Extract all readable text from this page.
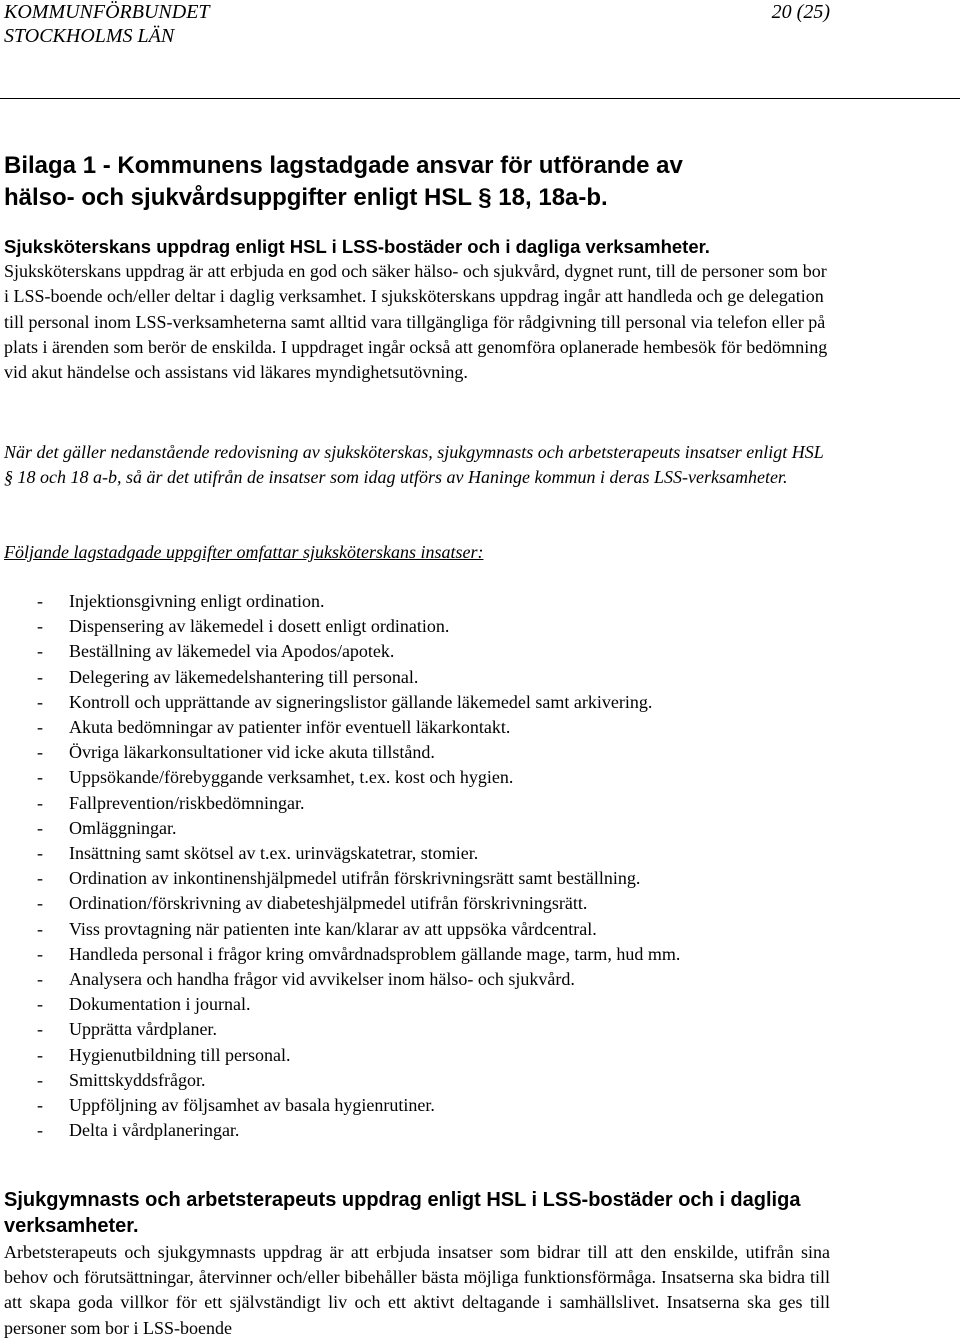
KOMMUNFÖRBUNDET
STOCKHOLMS LÄN
20 (25)
Bilaga 1 - Kommunens lagstadgade ansvar för utförande av
hälso- och sjukvårdsuppgifter enligt HSL § 18, 18a-b.
Sjuksköterskans uppdrag enligt HSL i LSS-bostäder och i dagliga verksamheter.
Sjuksköterskans uppdrag är att erbjuda en god och säker hälso- och sjukvård, dygnet runt, till de personer som bor i LSS-boende och/eller deltar i daglig verksamhet. I sjuksköterskans uppdrag ingår att handleda och ge delegation till personal inom LSS-verksamheterna samt alltid vara tillgängliga för rådgivning till personal via telefon eller på plats i ärenden som berör de enskilda. I uppdraget ingår också att genomföra oplanerade hembesök för bedömning vid akut händelse och assistans vid läkares myndighetsutövning.

När det gäller nedanstående redovisning av sjuksköterskas, sjukgymnasts och arbetsterapeuts insatser enligt HSL § 18 och 18 a-b, så är det utifrån de insatser som idag utförs av Haninge kommun i deras LSS-verksamheter.

Följande lagstadgade uppgifter omfattar sjuksköterskans insatser:

- Injektionsgivning enligt ordination.
- Dispensering av läkemedel i dosett enligt ordination.
- Beställning av läkemedel via Apodos/apotek.
- Delegering av läkemedelshantering till personal.
- Kontroll och upprättande av signeringslistor gällande läkemedel samt arkivering.
- Akuta bedömningar av patienter inför eventuell läkarkontakt.
- Övriga läkarkonsultationer vid icke akuta tillstånd.
- Uppsökande/förebyggande verksamhet, t.ex. kost och hygien.
- Fallprevention/riskbedömningar.
- Omläggningar.
- Insättning samt skötsel av t.ex. urinvägskatetrar, stomier.
- Ordination av inkontinenshjälpmedel utifrån förskrivningsrätt samt beställning.
- Ordination/förskrivning av diabeteshjälpmedel utifrån förskrivningsrätt.
- Viss provtagning när patienten inte kan/klarar av att uppsöka vårdcentral.
- Handleda personal i frågor kring omvårdnadsproblem gällande mage, tarm, hud mm.
- Analysera och handha frågor vid avvikelser inom hälso- och sjukvård.
- Dokumentation i journal.
- Upprätta vårdplaner.
- Hygienutbildning till personal.
- Smittskyddsfrågor.
- Uppföljning av följsamhet av basala hygienrutiner.
- Delta i vårdplaneringar.

Sjukgymnasts och arbetsterapeuts uppdrag enligt HSL i LSS-bostäder och i dagliga verksamheter.

Arbetsterapeuts och sjukgymnasts uppdrag är att erbjuda insatser som bidrar till att den enskilde, utifrån sina behov och förutsättningar, återvinner och/eller bibehåller bästa möjliga funktionsförmåga. Insatserna ska bidra till att skapa goda villkor för ett självständigt liv och ett aktivt deltagande i samhällslivet. Insatserna ska ges till personer som bor i LSS-boende
